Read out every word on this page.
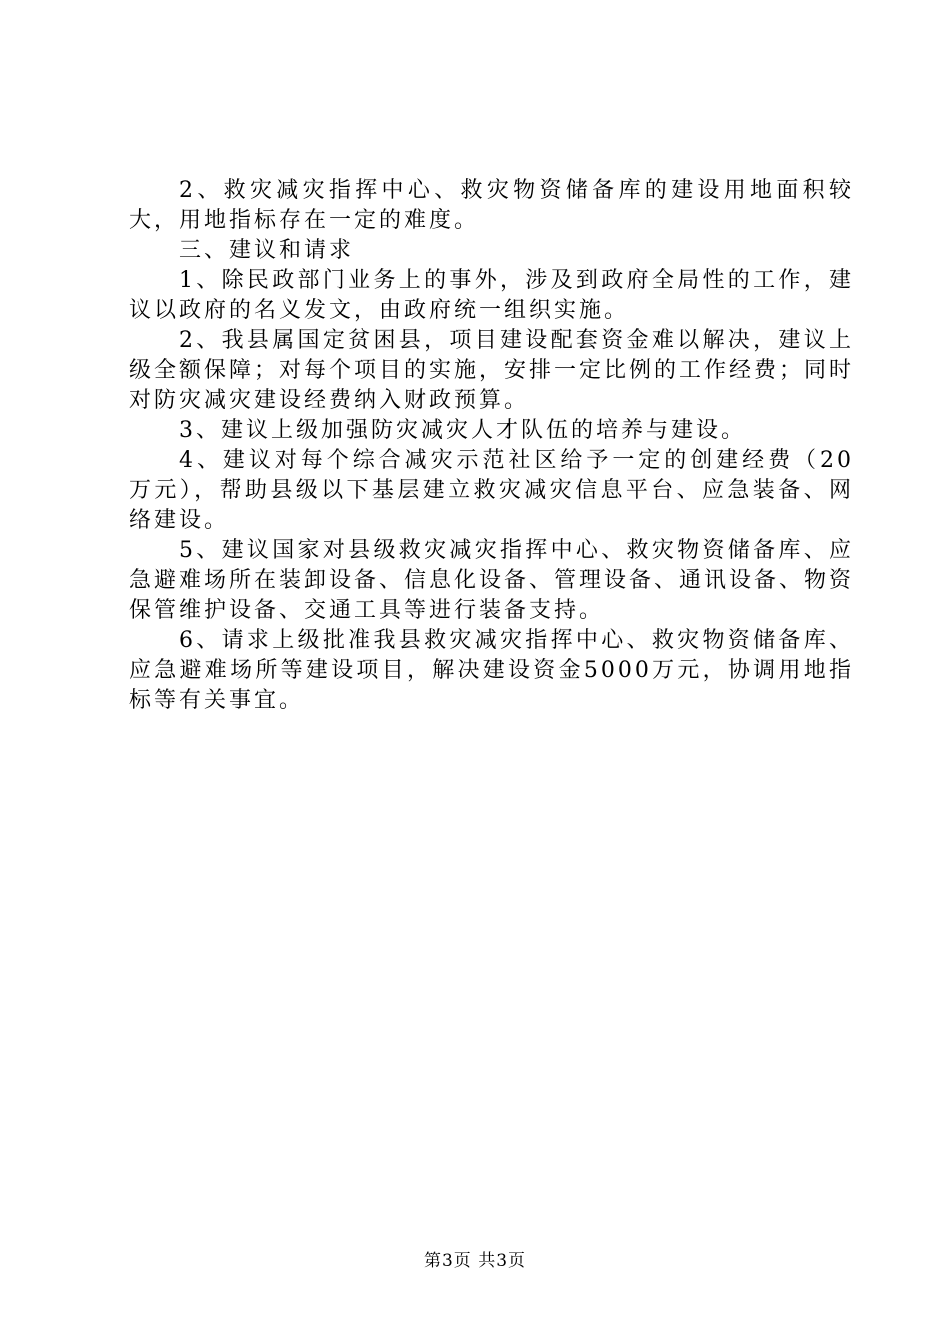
2、救灾减灾指挥中心、救灾物资储备库的建设用地面积较大，用地指标存在一定的难度。

三、建议和请求

1、除民政部门业务上的事外，涉及到政府全局性的工作，建议以政府的名义发文，由政府统一组织实施。

2、我县属国定贫困县，项目建设配套资金难以解决，建议上级全额保障；对每个项目的实施，安排一定比例的工作经费；同时对防灾减灾建设经费纳入财政预算。

3、建议上级加强防灾减灾人才队伍的培养与建设。

4、建议对每个综合减灾示范社区给予一定的创建经费（20万元），帮助县级以下基层建立救灾减灾信息平台、应急装备、网络建设。

5、建议国家对县级救灾减灾指挥中心、救灾物资储备库、应急避难场所在装卸设备、信息化设备、管理设备、通讯设备、物资保管维护设备、交通工具等进行装备支持。

6、请求上级批准我县救灾减灾指挥中心、救灾物资储备库、应急避难场所等建设项目，解决建设资金5000万元，协调用地指标等有关事宜。

第3页 共3页
